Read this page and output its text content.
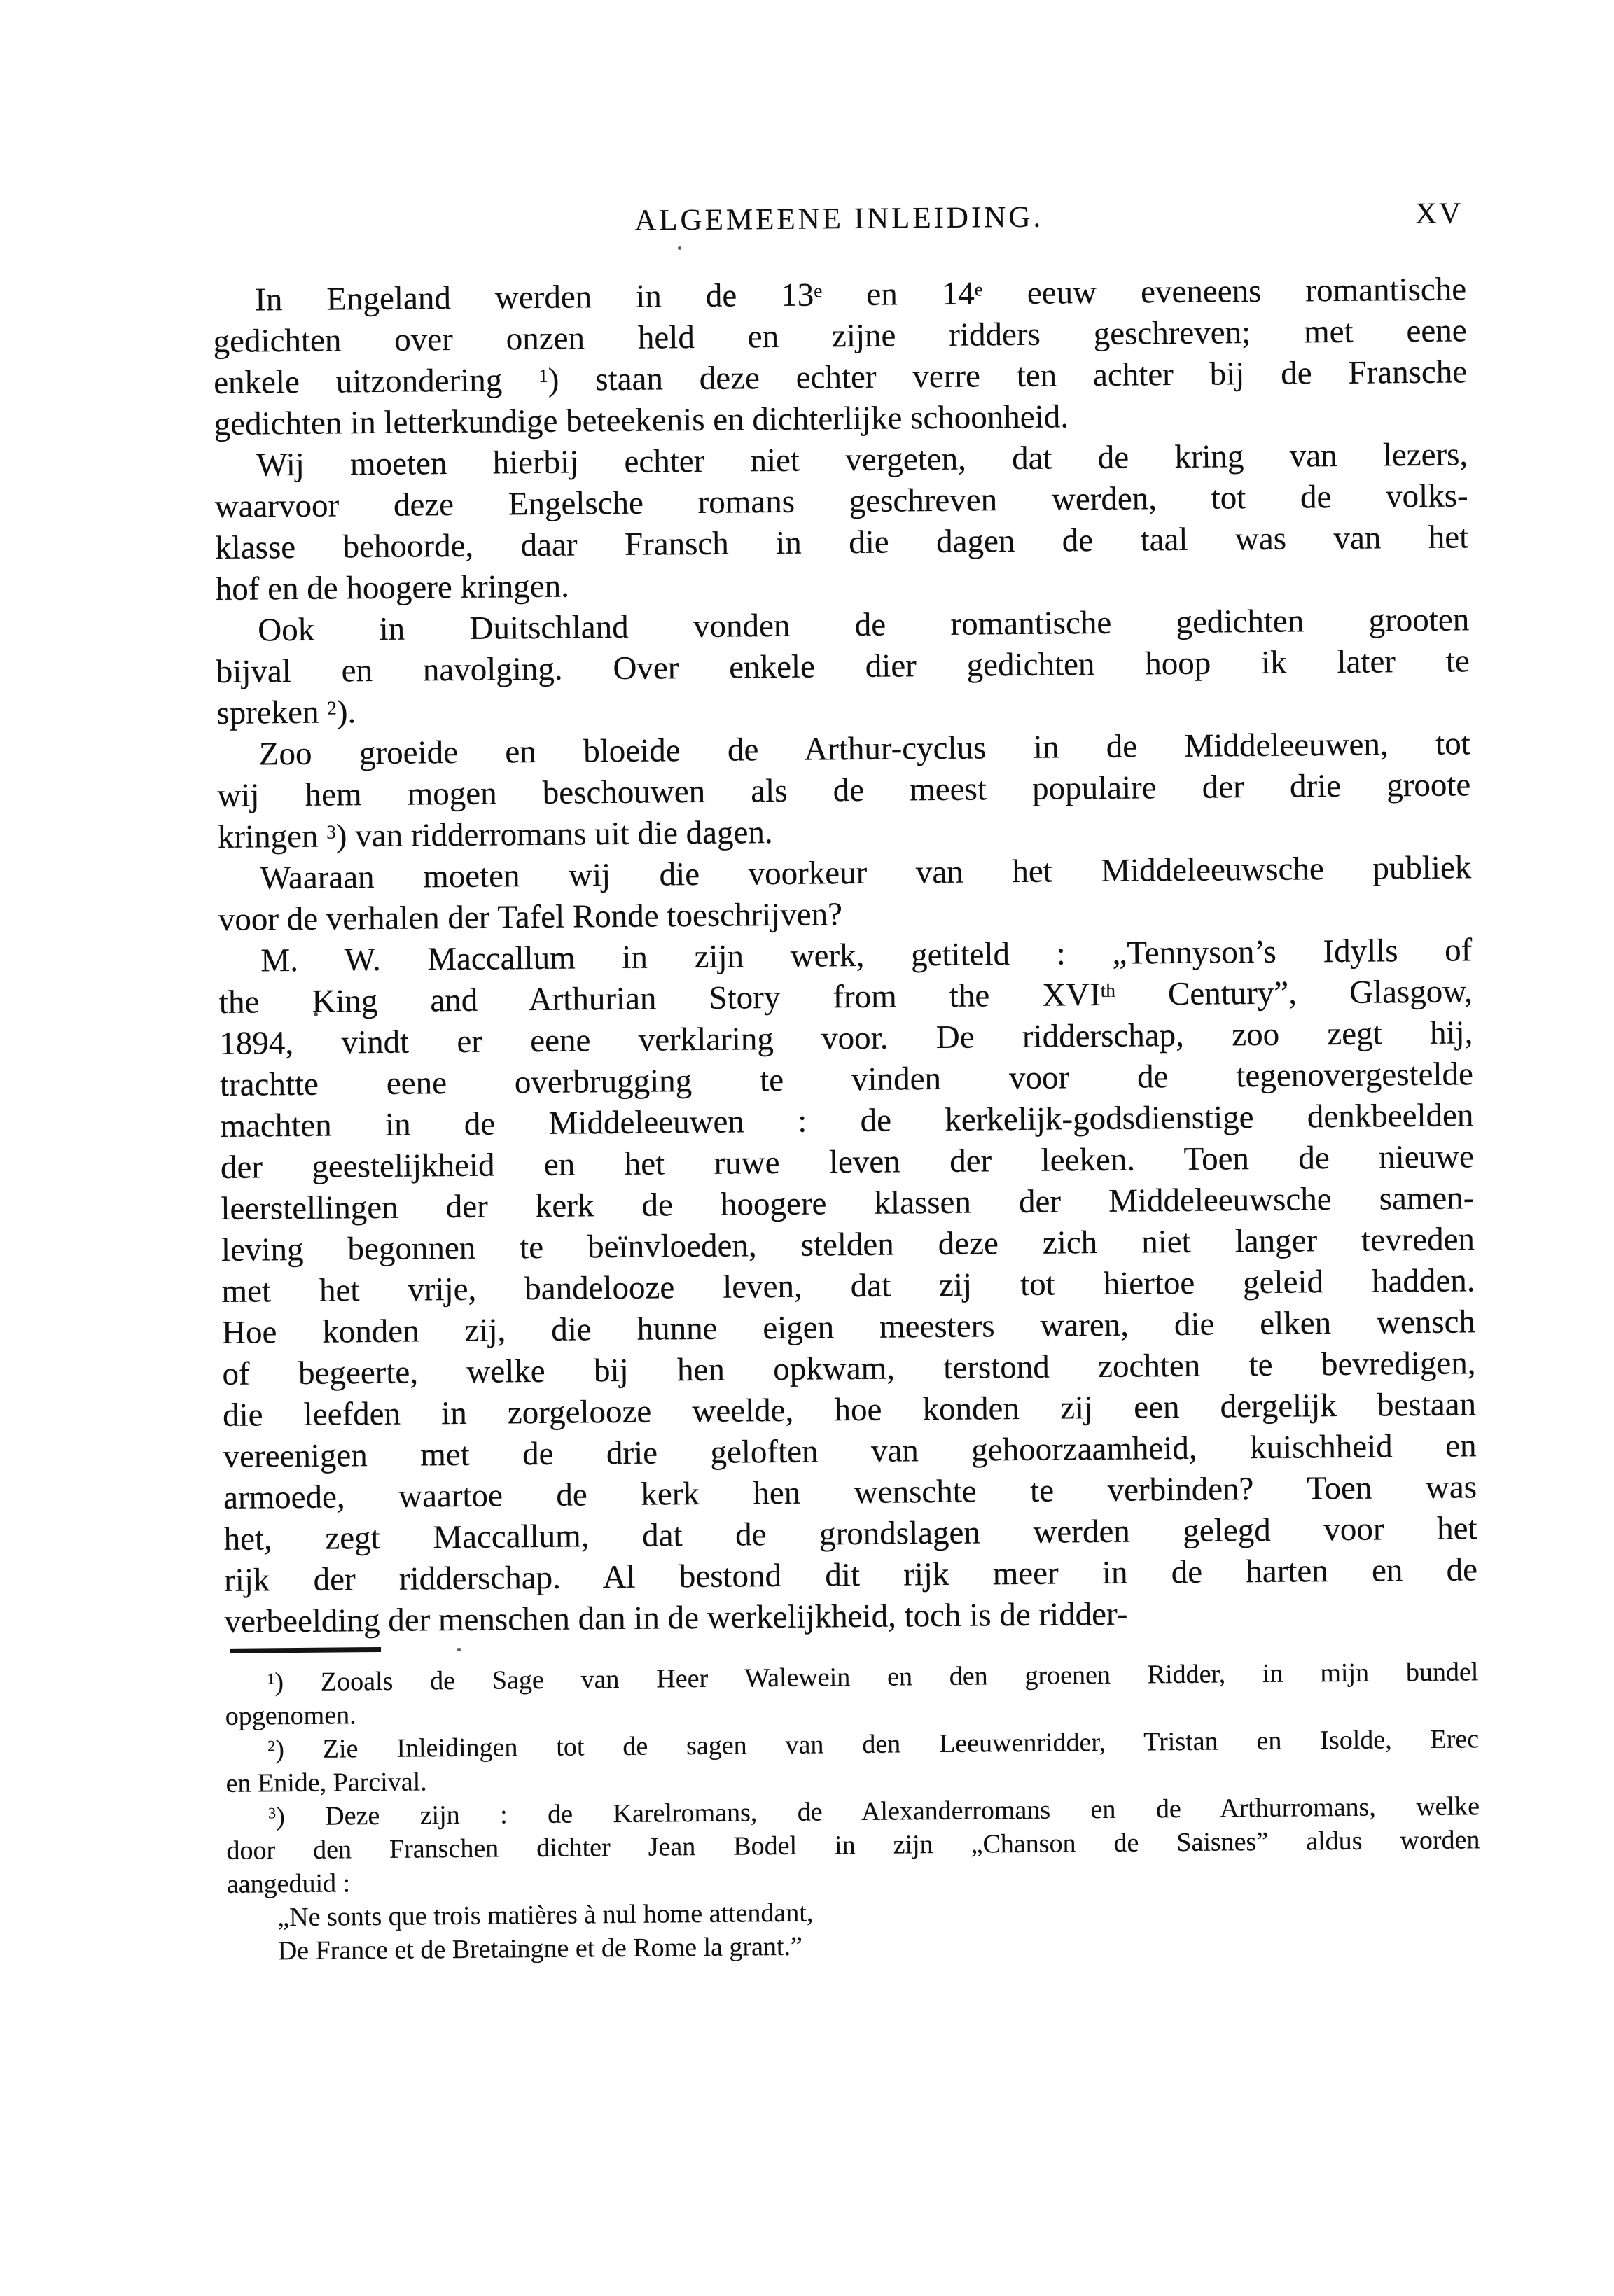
ALGEMEENE INLEIDING.	XV
In Engeland werden in de 13e en 14e eeuw eveneens romantische
gedichten over onzen held en zijne ridders geschreven; met eene
enkele uitzondering $^1$) staan deze echter verre ten achter bij de Fransche
gedichten in letterkundige beteekenis en dichterlijke schoonheid.
Wij moeten hierbij echter niet vergeten, dat de kring van lezers,
waarvoor deze Engelsche romans geschreven werden, tot de volks-
klasse behoorde, daar Fransch in die dagen de taal was van het
hof en de hoogere kringen.
Ook in Duitschland vonden de romantische gedichten grooten
bijval en navolging. Over enkele dier gedichten hoop ik later te
spreken $^2$).
Zoo groeide en bloeide de Arthur-cyclus in de Middeleeuwen, tot
wij hem mogen beschouwen als de meest populaire der drie groote
kringen $^3$) van ridderromans uit die dagen.
Waaraan moeten wij die voorkeur van het Middeleeuwsche publiek
voor de verhalen der Tafel Ronde toeschrijven?
M. W. Maccallum in zijn werk, getiteld : „Tennyson’s Idylls of
the King and Arthurian Story from the XVIth Century”, Glasgow,
1894, vindt er eene verklaring voor. De ridderschap, zoo zegt hij,
trachtte eene overbrugging te vinden voor de tegenovergestelde
machten in de Middeleeuwen : de kerkelijk-godsdienstige denkbeelden
der geestelijkheid en het ruwe leven der leeken. Toen de nieuwe
leerstellingen der kerk de hoogere klassen der Middeleeuwsche samen-
leving begonnen te beïnvloeden, stelden deze zich niet langer tevreden
met het vrije, bandelooze leven, dat zij tot hiertoe geleid hadden.
Hoe konden zij, die hunne eigen meesters waren, die elken wensch
of begeerte, welke bij hen opkwam, terstond zochten te bevredigen,
die leefden in zorgelooze weelde, hoe konden zij een dergelijk bestaan
vereenigen met de drie geloften van gehoorzaamheid, kuischheid en
armoede, waartoe de kerk hen wenschte te verbinden? Toen was
het, zegt Maccallum, dat de grondslagen werden gelegd voor het
rijk der ridderschap. Al bestond dit rijk meer in de harten en de
verbeelding der menschen dan in de werkelijkheid, toch is de ridder-
$^1$) Zooals de Sage van Heer Walewein en den groenen Ridder, in mijn bundel
opgenomen.
$^2$) Zie Inleidingen tot de sagen van den Leeuwenridder, Tristan en Isolde, Erec
en Enide, Parcival.
$^3$) Deze zijn : de Karelromans, de Alexanderromans en de Arthurromans, welke
door den Franschen dichter Jean Bodel in zijn „Chanson de Saisnes” aldus worden
aangeduid :
„Ne sonts que trois matières à nul home attendant,
De France et de Bretaingne et de Rome la grant.”
